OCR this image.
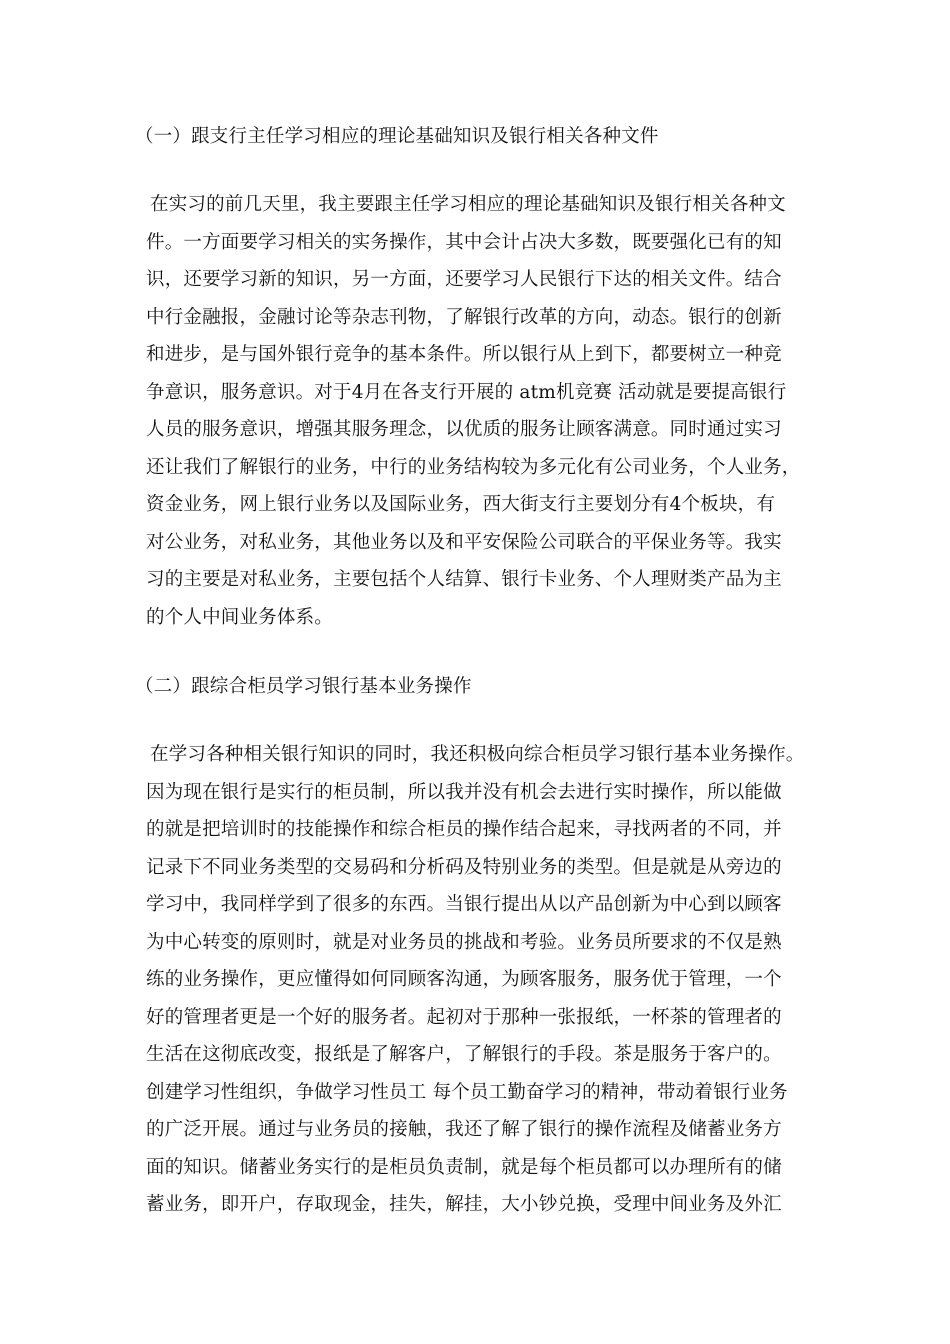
（一）跟支行主任学习相应的理论基础知识及银行相关各种文件
在实习的前几天里，我主要跟主任学习相应的理论基础知识及银行相关各种文
件。一方面要学习相关的实务操作，其中会计占决大多数，既要强化已有的知
识，还要学习新的知识，另一方面，还要学习人民银行下达的相关文件。结合
中行金融报，金融讨论等杂志刊物，了解银行改革的方向，动态。银行的创新
和进步，是与国外银行竞争的基本条件。所以银行从上到下，都要树立一种竞
争意识，服务意识。对于4月在各支行开展的 atm机竞赛 活动就是要提高银行
人员的服务意识，增强其服务理念，以优质的服务让顾客满意。同时通过实习
还让我们了解银行的业务，中行的业务结构较为多元化有公司业务，个人业务，
资金业务，网上银行业务以及国际业务，西大街支行主要划分有4个板块，有
对公业务，对私业务，其他业务以及和平安保险公司联合的平保业务等。我实
习的主要是对私业务，主要包括个人结算、银行卡业务、个人理财类产品为主
的个人中间业务体系。
（二）跟综合柜员学习银行基本业务操作
在学习各种相关银行知识的同时，我还积极向综合柜员学习银行基本业务操作。
因为现在银行是实行的柜员制，所以我并没有机会去进行实时操作，所以能做
的就是把培训时的技能操作和综合柜员的操作结合起来，寻找两者的不同，并
记录下不同业务类型的交易码和分析码及特别业务的类型。但是就是从旁边的
学习中，我同样学到了很多的东西。当银行提出从以产品创新为中心到以顾客
为中心转变的原则时，就是对业务员的挑战和考验。业务员所要求的不仅是熟
练的业务操作，更应懂得如何同顾客沟通，为顾客服务，服务优于管理，一个
好的管理者更是一个好的服务者。起初对于那种一张报纸，一杯茶的管理者的
生活在这彻底改变，报纸是了解客户，了解银行的手段。茶是服务于客户的。
创建学习性组织，争做学习性员工 每个员工勤奋学习的精神，带动着银行业务
的广泛开展。通过与业务员的接触，我还了解了银行的操作流程及储蓄业务方
面的知识。储蓄业务实行的是柜员负责制，就是每个柜员都可以办理所有的储
蓄业务，即开户，存取现金，挂失，解挂，大小钞兑换，受理中间业务及外汇
